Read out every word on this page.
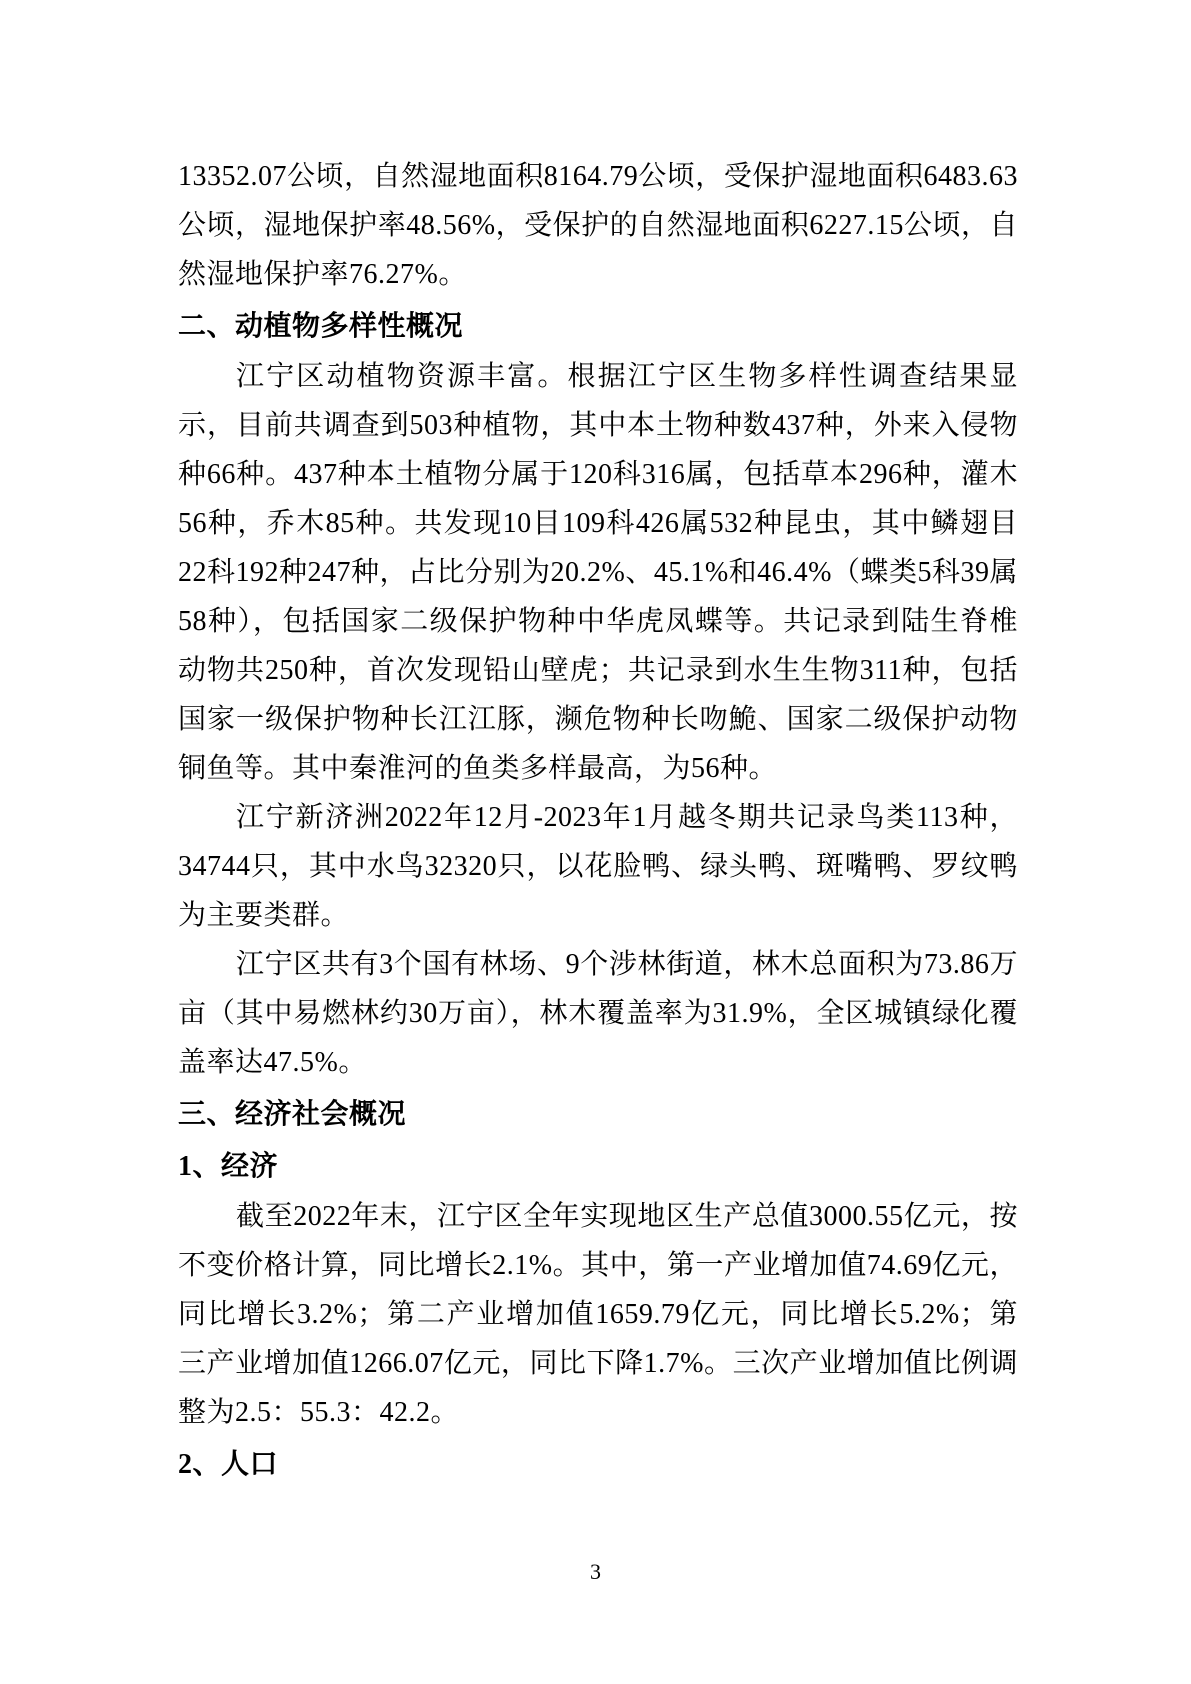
13352.07公顷，自然湿地面积8164.79公顷，受保护湿地面积6483.63公顷，湿地保护率48.56%，受保护的自然湿地面积6227.15公顷，自然湿地保护率76.27%。

二、动植物多样性概况

江宁区动植物资源丰富。根据江宁区生物多样性调查结果显示，目前共调查到503种植物，其中本土物种数437种，外来入侵物种66种。437种本土植物分属于120科316属，包括草本296种，灌木56种，乔木85种。共发现10目109科426属532种昆虫，其中鳞翅目22科192种247种，占比分别为20.2%、45.1%和46.4%（蝶类5科39属58种），包括国家二级保护物种中华虎凤蝶等。共记录到陆生脊椎动物共250种，首次发现铅山壁虎；共记录到水生生物311种，包括国家一级保护物种长江江豚，濒危物种长吻鮠、国家二级保护动物铜鱼等。其中秦淮河的鱼类多样最高，为56种。

江宁新济洲2022年12月-2023年1月越冬期共记录鸟类113种，34744只，其中水鸟32320只，以花脸鸭、绿头鸭、斑嘴鸭、罗纹鸭为主要类群。

江宁区共有3个国有林场、9个涉林街道，林木总面积为73.86万亩（其中易燃林约30万亩），林木覆盖率为31.9%，全区城镇绿化覆盖率达47.5%。

三、经济社会概况

1、经济

截至2022年末，江宁区全年实现地区生产总值3000.55亿元，按不变价格计算，同比增长2.1%。其中，第一产业增加值74.69亿元，同比增长3.2%；第二产业增加值1659.79亿元，同比增长5.2%；第三产业增加值1266.07亿元，同比下降1.7%。三次产业增加值比例调整为2.5：55.3：42.2。

2、人口

3
